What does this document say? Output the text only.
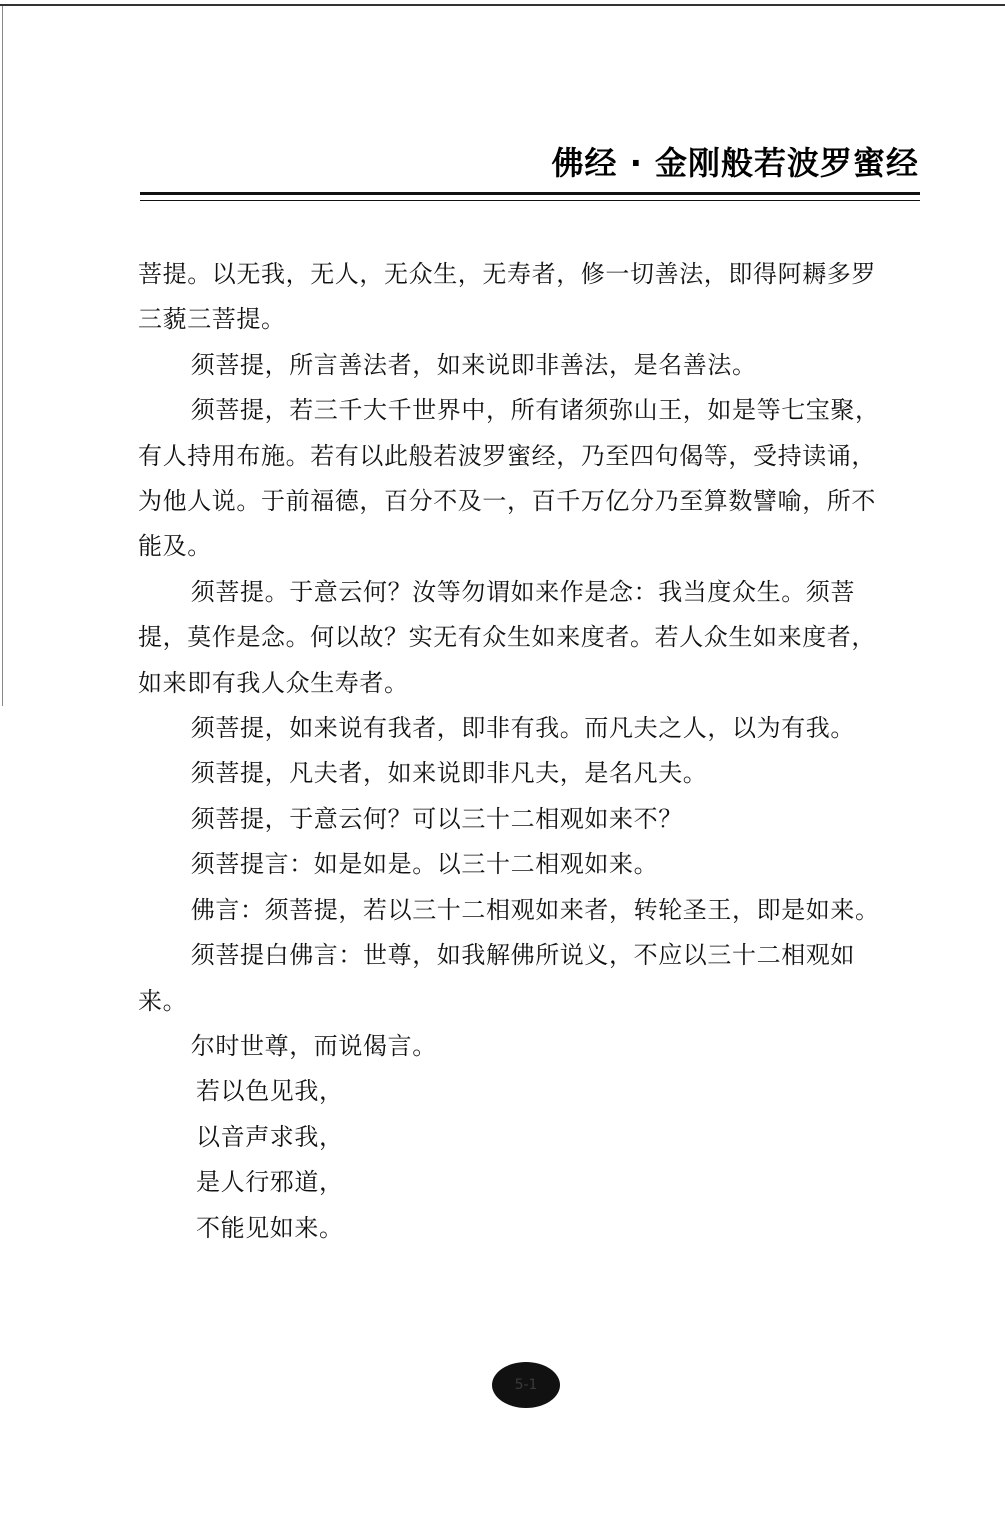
佛经 · 金刚般若波罗蜜经

菩提。以无我，无人，无众生，无寿者，修一切善法，即得阿耨多罗三藐三菩提。

须菩提，所言善法者，如来说即非善法，是名善法。

须菩提，若三千大千世界中，所有诸须弥山王，如是等七宝聚，有人持用布施。若有以此般若波罗蜜经，乃至四句偈等，受持读诵，为他人说。于前福德，百分不及一，百千万亿分乃至算数譬喻，所不能及。

须菩提。于意云何？汝等勿谓如来作是念：我当度众生。须菩提，莫作是念。何以故？实无有众生如来度者。若人众生如来度者，如来即有我人众生寿者。

须菩提，如来说有我者，即非有我。而凡夫之人，以为有我。

须菩提，凡夫者，如来说即非凡夫，是名凡夫。

须菩提，于意云何？可以三十二相观如来不？

须菩提言：如是如是。以三十二相观如来。

佛言：须菩提，若以三十二相观如来者，转轮圣王，即是如来。

须菩提白佛言：世尊，如我解佛所说义，不应以三十二相观如来。

尔时世尊，而说偈言。

若以色见我，

以音声求我，

是人行邪道，

不能见如来。

5-1
